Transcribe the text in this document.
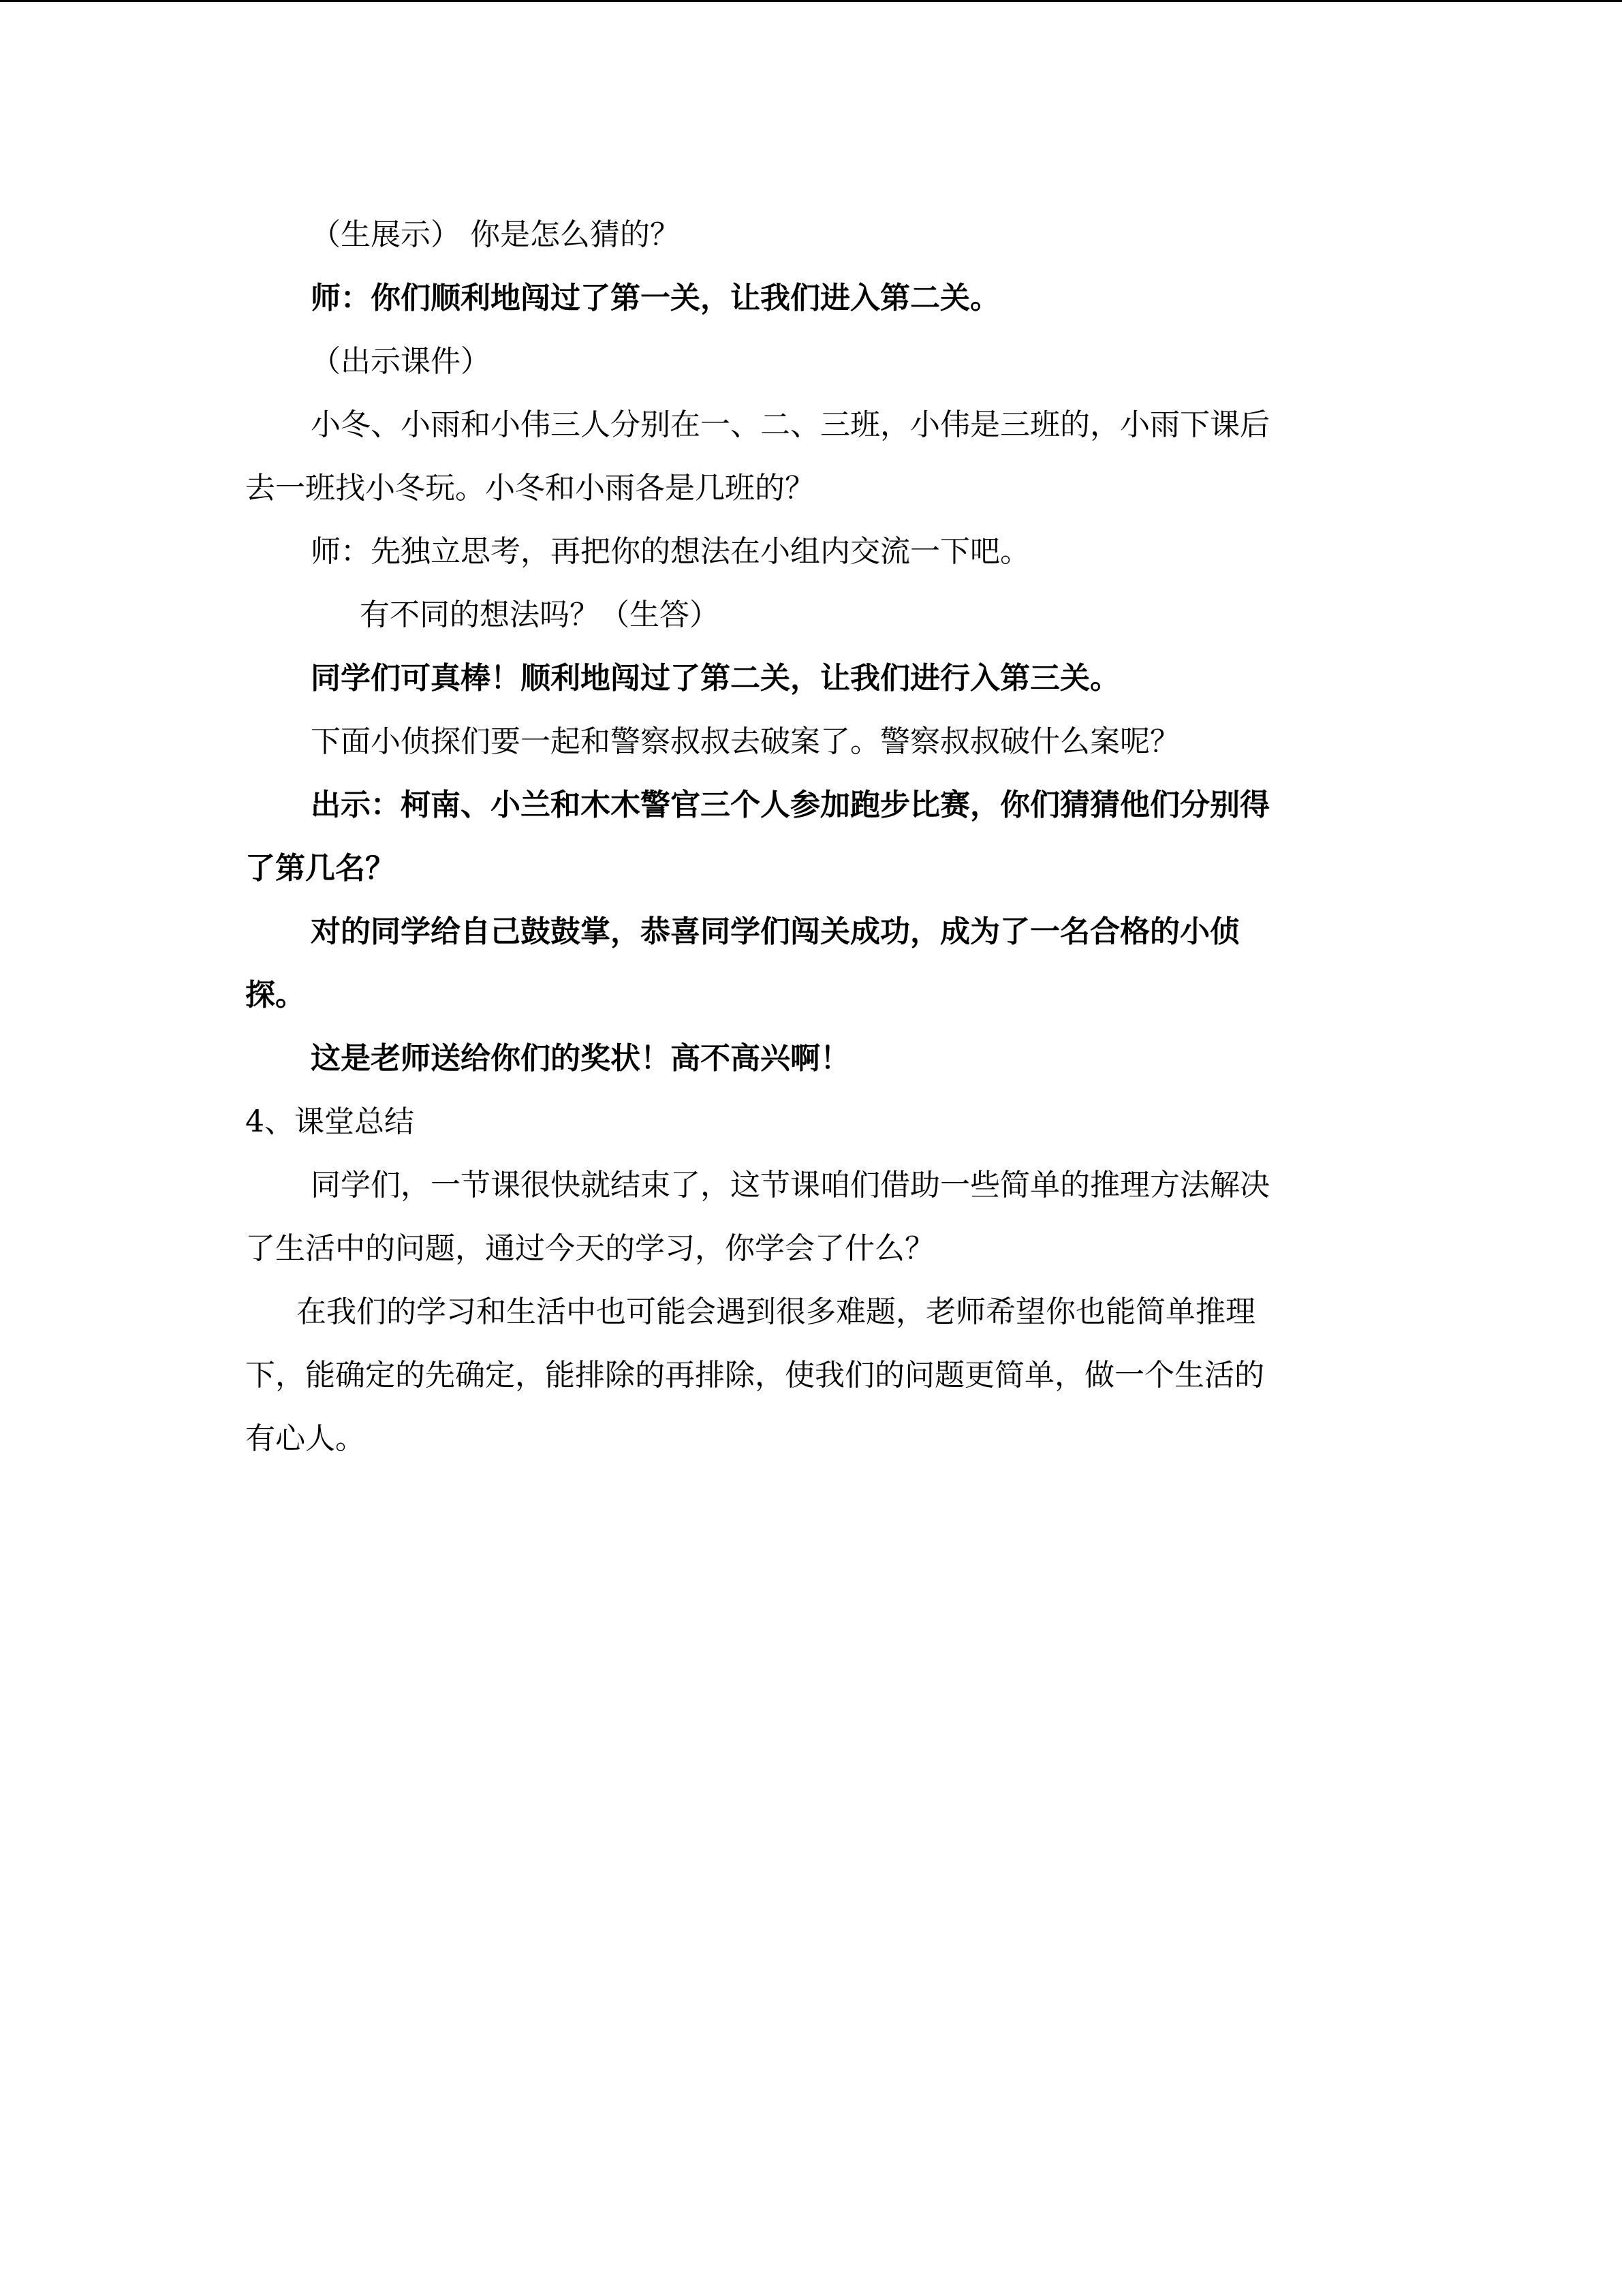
（生展示） 你是怎么猜的？
师：你们顺利地闯过了第一关，让我们进入第二关。
（出示课件）
小冬、小雨和小伟三人分别在一、二、三班，小伟是三班的，小雨下课后
去一班找小冬玩。小冬和小雨各是几班的？
师：先独立思考，再把你的想法在小组内交流一下吧。
有不同的想法吗？（生答）
同学们可真棒！顺利地闯过了第二关，让我们进行入第三关。
下面小侦探们要一起和警察叔叔去破案了。警察叔叔破什么案呢？
出示：柯南、小兰和木木警官三个人参加跑步比赛，你们猜猜他们分别得
了第几名？
对的同学给自己鼓鼓掌，恭喜同学们闯关成功，成为了一名合格的小侦
探。
这是老师送给你们的奖状！高不高兴啊！
4、课堂总结
同学们，一节课很快就结束了，这节课咱们借助一些简单的推理方法解决
了生活中的问题，通过今天的学习，你学会了什么？
在我们的学习和生活中也可能会遇到很多难题，老师希望你也能简单推理
下，能确定的先确定，能排除的再排除，使我们的问题更简单，做一个生活的
有心人。
